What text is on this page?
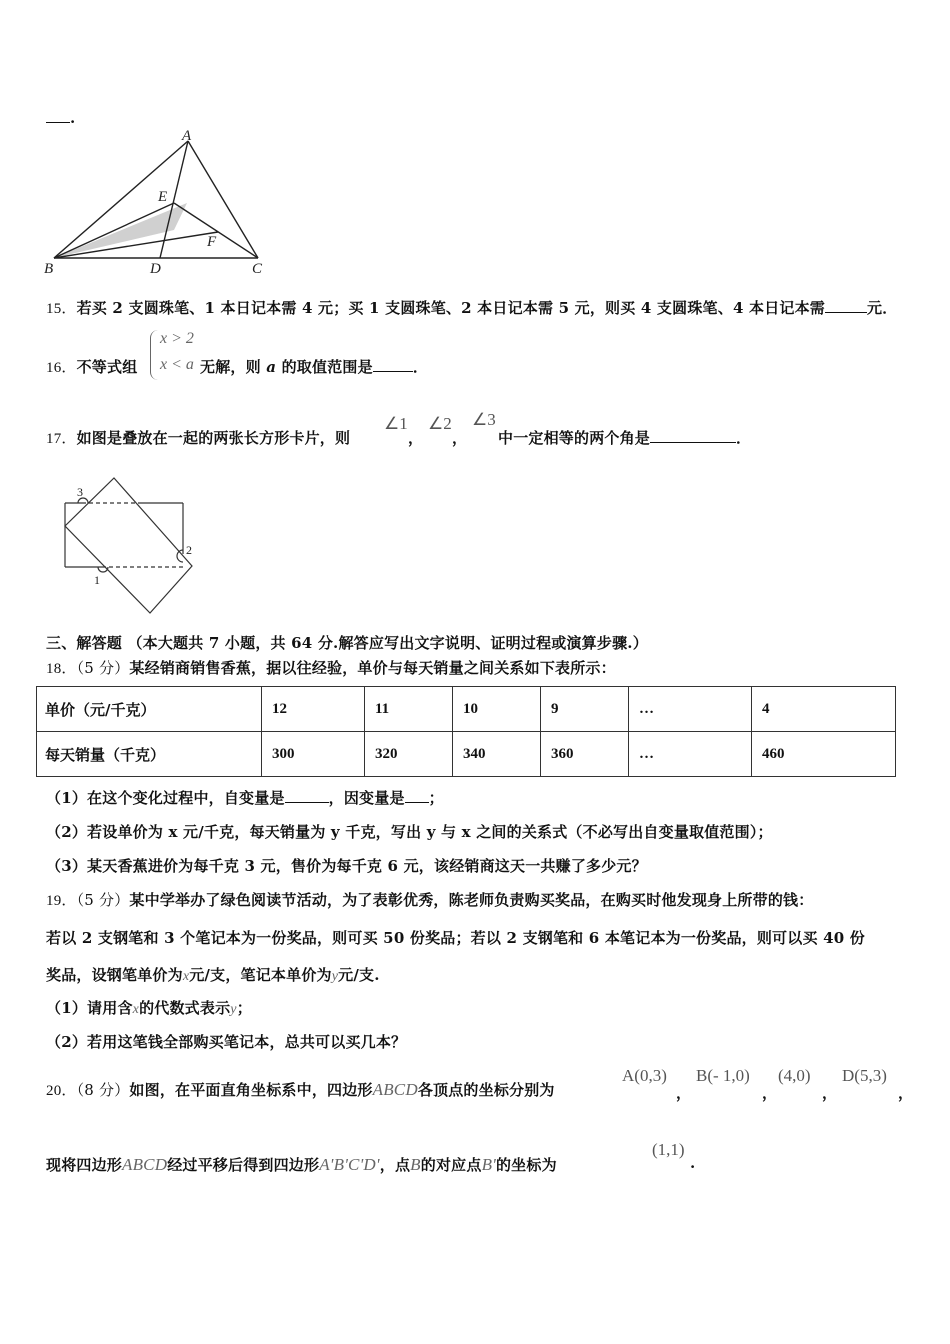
.
A
E
F
B	D	C
15．若买 2 支圆珠笔、1 本日记本需 4 元；买 1 支圆珠笔、2 本日记本需 5 元，则买 4 支圆珠笔、4 本日记本需	元．
x > 2
x < a
16．不等式组	无解，则 a 的取值范围是	．
17．如图是叠放在一起的两张长方形卡片，则
∠1
，
∠2
，
∠3
中一定相等的两个角是	．
3
2
1
三、解答题 （本大题共 7 小题，共 64 分.解答应写出文字说明、证明过程或演算步骤.）
18．（5 分）某经销商销售香蕉，据以往经验，单价与每天销量之间关系如下表所示：
单价（元/千克）	12	11	10	9	…	4
每天销量（千克）	300	320	340	360	…	460
（1）在这个变化过程中，自变量是	，因变量是 ；
（2）若设单价为 x 元/千克，每天销量为 y 千克，写出 y 与 x 之间的关系式（不必写出自变量取值范围）；
（3）某天香蕉进价为每千克 3 元，售价为每千克 6 元，该经销商这天一共赚了多少元？
19．（5 分）某中学举办了绿色阅读节活动，为了表彰优秀，陈老师负责购买奖品，在购买时他发现身上所带的钱：
若以 2 支钢笔和 3 个笔记本为一份奖品，则可买 50 份奖品；若以 2 支钢笔和 6 本笔记本为一份奖品，则可以买 40 份
奖品，设钢笔单价为x元/支，笔记本单价为y元/支.
（1）请用含x的代数式表示y；
（2）若用这笔钱全部购买笔记本，总共可以买几本？
20．（8 分）如图，在平面直角坐标系中，四边形ABCD各顶点的坐标分别为
A(0,3)
，
B(- 1,0)
，
(4,0)
，
D(5,3)
，
现将四边形ABCD经过平移后得到四边形A'B'C'D'，点B的对应点B'的坐标为
(1,1)
.
